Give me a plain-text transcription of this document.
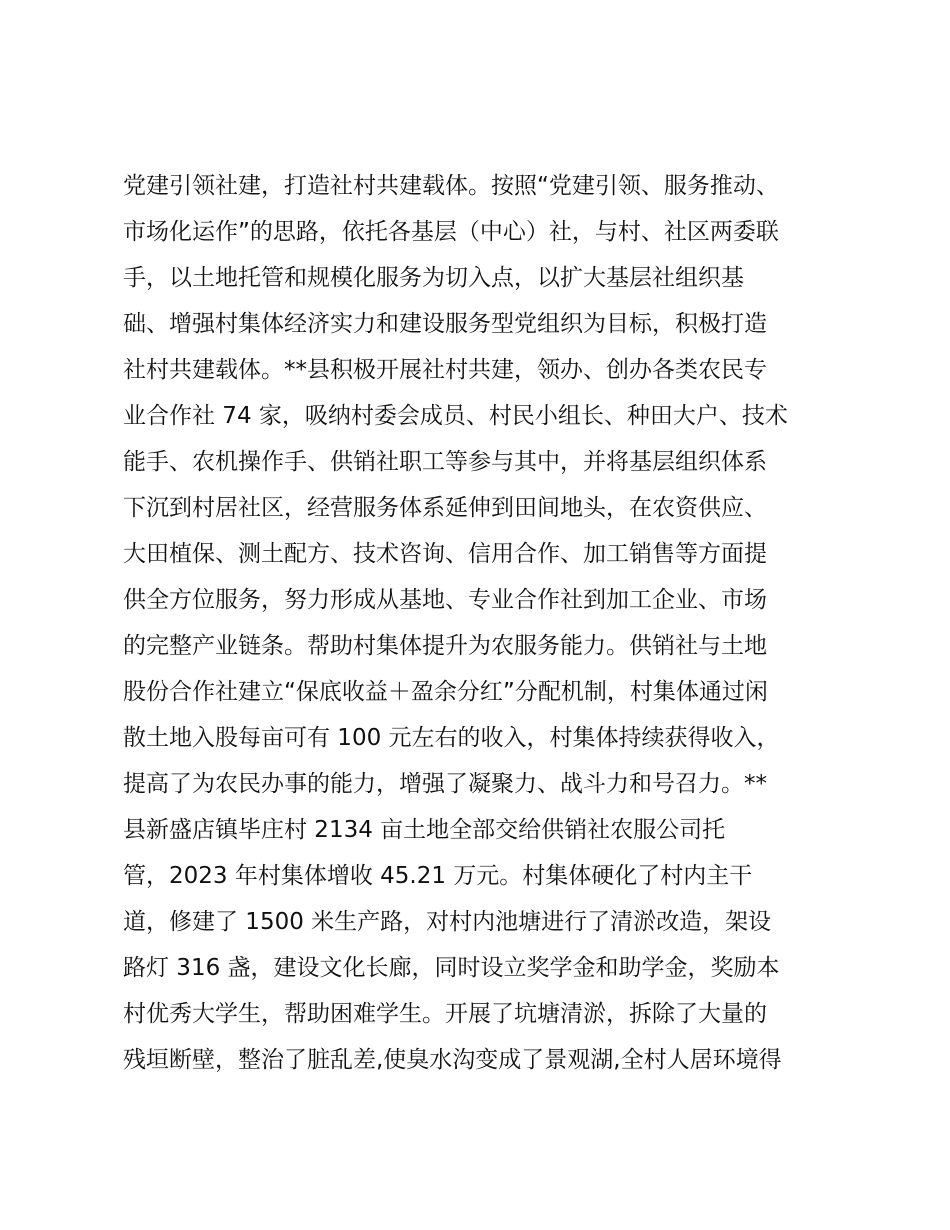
党建引领社建，打造社村共建载体。按照“党建引领、服务推动、
市场化运作”的思路，依托各基层（中心）社，与村、社区两委联
手，以土地托管和规模化服务为切入点，以扩大基层社组织基
础、增强村集体经济实力和建设服务型党组织为目标，积极打造
社村共建载体。**县积极开展社村共建，领办、创办各类农民专
业合作社 74 家，吸纳村委会成员、村民小组长、种田大户、技术
能手、农机操作手、供销社职工等参与其中，并将基层组织体系
下沉到村居社区，经营服务体系延伸到田间地头，在农资供应、
大田植保、测土配方、技术咨询、信用合作、加工销售等方面提
供全方位服务，努力形成从基地、专业合作社到加工企业、市场
的完整产业链条。帮助村集体提升为农服务能力。供销社与土地
股份合作社建立“保底收益＋盈余分红”分配机制，村集体通过闲
散土地入股每亩可有 100 元左右的收入，村集体持续获得收入，
提高了为农民办事的能力，增强了凝聚力、战斗力和号召力。**
县新盛店镇毕庄村 2134 亩土地全部交给供销社农服公司托
管，2023 年村集体增收 45.21 万元。村集体硬化了村内主干
道，修建了 1500 米生产路，对村内池塘进行了清淤改造，架设
路灯 316 盏，建设文化长廊，同时设立奖学金和助学金，奖励本
村优秀大学生，帮助困难学生。开展了坑塘清淤，拆除了大量的
残垣断壁，整治了脏乱差,使臭水沟变成了景观湖,全村人居环境得
